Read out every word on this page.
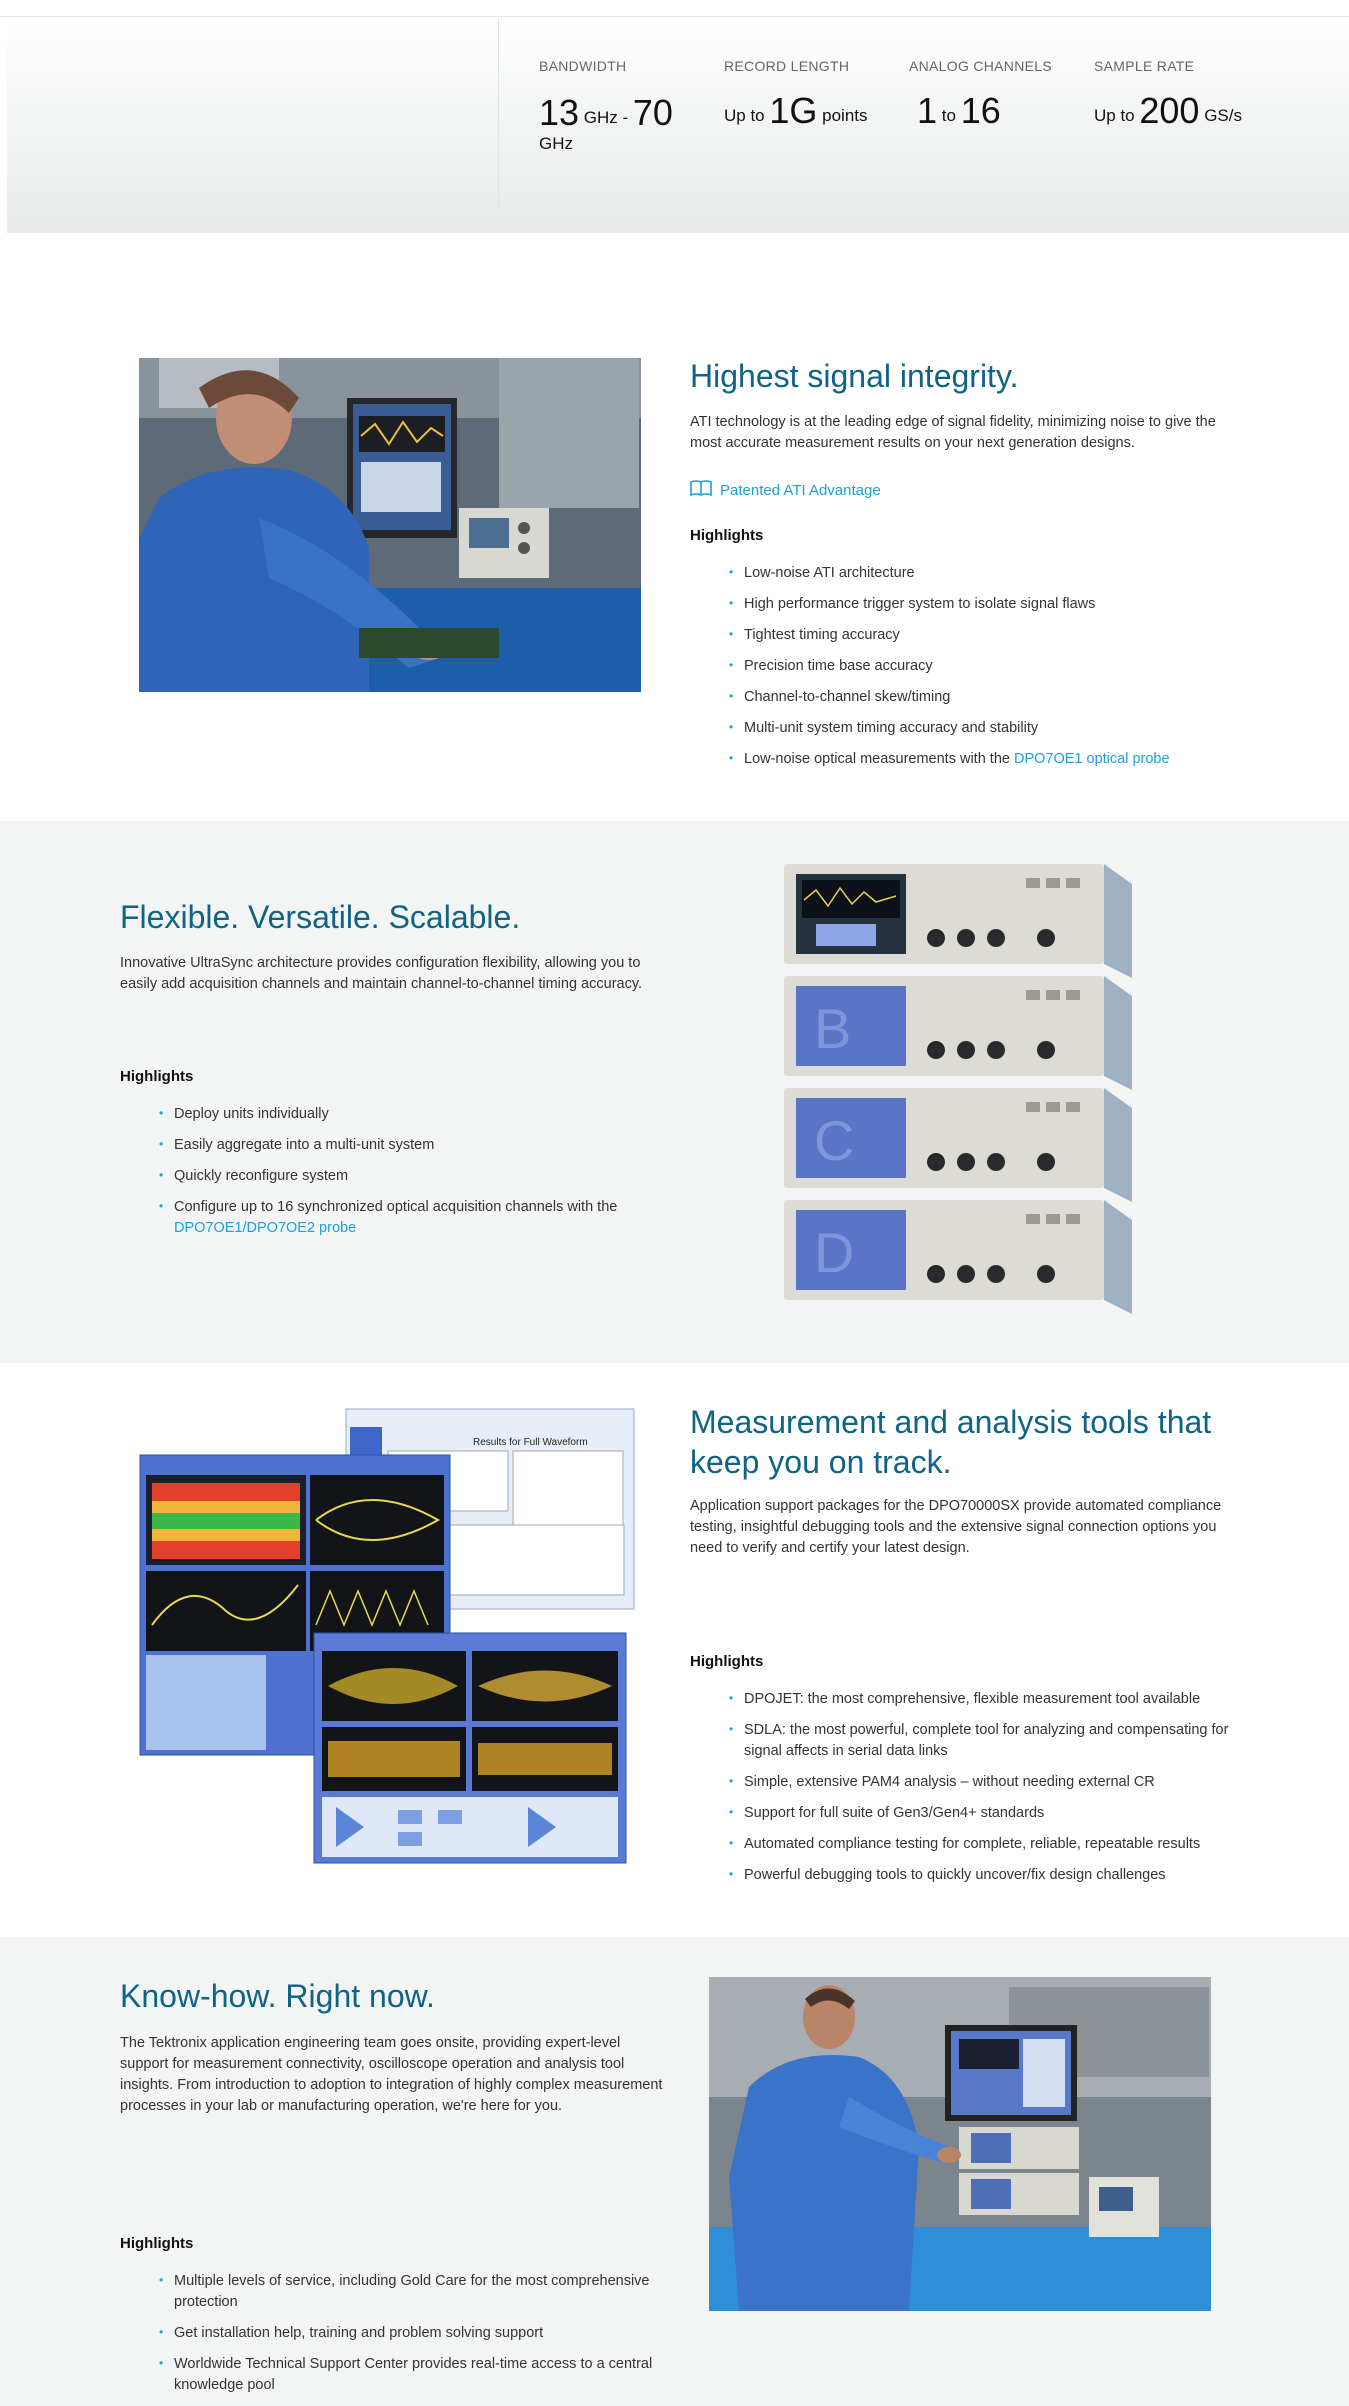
BANDWIDTH
13 GHz - 70
GHz
RECORD LENGTH
Up to 1G points
ANALOG CHANNELS
1 to 16
SAMPLE RATE
Up to 200 GS/s
Highest signal integrity.

ATI technology is at the leading edge of signal fidelity, minimizing noise to give the most accurate measurement results on your next generation designs.

Patented ATI Advantage
Highlights
• Low-noise ATI architecture
• High performance trigger system to isolate signal flaws
• Tightest timing accuracy
• Precision time base accuracy
• Channel-to-channel skew/timing
• Multi-unit system timing accuracy and stability
• Low-noise optical measurements with the DPO7OE1 optical probe
Flexible. Versatile. Scalable.

Innovative UltraSync architecture provides configuration flexibility, allowing you to easily add acquisition channels and maintain channel-to-channel timing accuracy.

Highlights
• Deploy units individually
• Easily aggregate into a multi-unit system
• Quickly reconfigure system
• Configure up to 16 synchronized optical acquisition channels with the DPO7OE1/DPO7OE2 probe
B
C
D
Results for Full Waveform
Measurement and analysis tools that keep you on track.

Application support packages for the DPO70000SX provide automated compliance testing, insightful debugging tools and the extensive signal connection options you need to verify and certify your latest design.

Highlights
• DPOJET: the most comprehensive, flexible measurement tool available
• SDLA: the most powerful, complete tool for analyzing and compensating for signal affects in serial data links
• Simple, extensive PAM4 analysis – without needing external CR
• Support for full suite of Gen3/Gen4+ standards
• Automated compliance testing for complete, reliable, repeatable results
• Powerful debugging tools to quickly uncover/fix design challenges
Know-how. Right now.

The Tektronix application engineering team goes onsite, providing expert-level support for measurement connectivity, oscilloscope operation and analysis tool insights. From introduction to adoption to integration of highly complex measurement processes in your lab or manufacturing operation, we're here for you.

Highlights
• Multiple levels of service, including Gold Care for the most comprehensive protection
• Get installation help, training and problem solving support
• Worldwide Technical Support Center provides real-time access to a central knowledge pool
